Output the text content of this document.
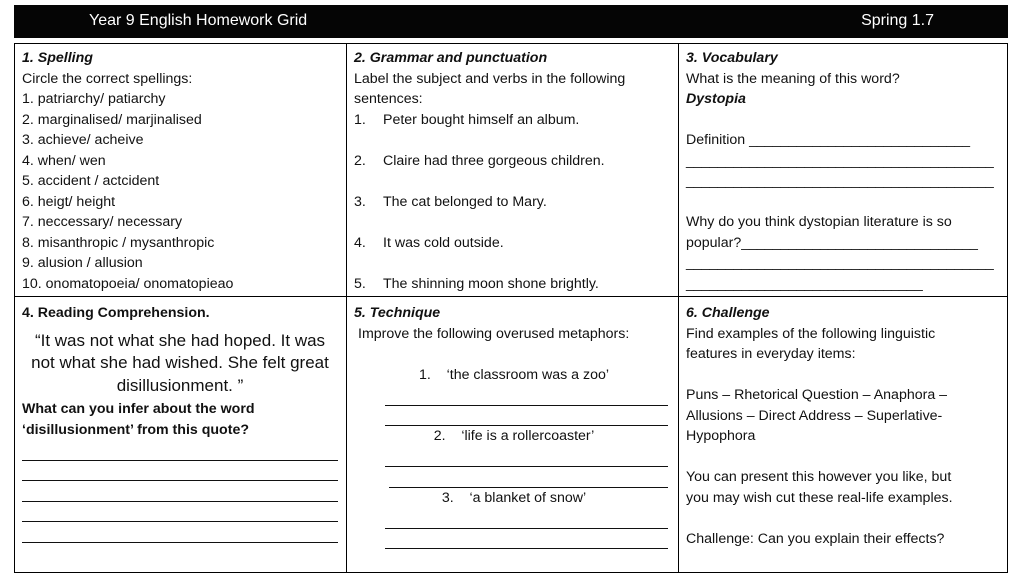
Year 9 English Homework Grid	Spring 1.7
1. Spelling
Circle the correct spellings:
1. patriarchy/ patiarchy
2. marginalised/ marjinalised
3. achieve/ acheive
4. when/ wen
5. accident / actcident
6. heigt/ height
7. neccessary/ necessary
8. misanthropic / mysanthropic
9. alusion / allusion
10. onomatopoeia/ onomatopieao
2. Grammar and punctuation
Label the subject and verbs in the following
sentences:
1. Peter bought himself an album.
2. Claire had three gorgeous children.
3. The cat belonged to Mary.
4. It was cold outside.
5. The shinning moon shone brightly.
3. Vocabulary
What is the meaning of this word?
Dystopia
Definition ____________________________
_______________________________________
_______________________________________
Why do you think dystopian literature is so
popular?______________________________
_______________________________________
______________________________
4. Reading Comprehension.
“It was not what she had hoped. It was not what she had wished. She felt great disillusionment. ”
What can you infer about the word
‘disillusionment’ from this quote?
5. Technique
Improve the following overused metaphors:
1. ‘the classroom was a zoo’
2. ‘life is a rollercoaster’
3. ‘a blanket of snow’
6. Challenge
Find examples of the following linguistic
features in everyday items:
Puns – Rhetorical Question – Anaphora –
Allusions – Direct Address – Superlative-
Hypophora
You can present this however you like, but
you may wish cut these real-life examples.
Challenge: Can you explain their effects?
